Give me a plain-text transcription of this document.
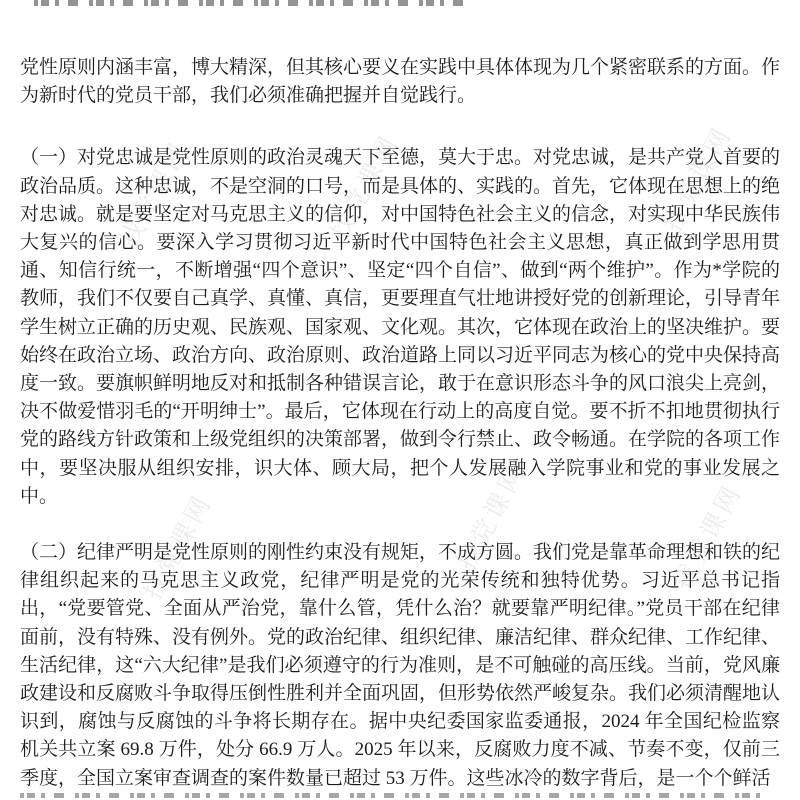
找党课网	找党课网	找党课网
找党课网	找党课网	找党课网

党性原则内涵丰富，博大精深，但其核心要义在实践中具体体现为几个紧密联系的方面。作为新时代的党员干部，我们必须准确把握并自觉践行。

（一）对党忠诚是党性原则的政治灵魂天下至德，莫大于忠。对党忠诚，是共产党人首要的政治品质。这种忠诚，不是空洞的口号，而是具体的、实践的。首先，它体现在思想上的绝对忠诚。就是要坚定对马克思主义的信仰，对中国特色社会主义的信念，对实现中华民族伟大复兴的信心。要深入学习贯彻习近平新时代中国特色社会主义思想，真正做到学思用贯通、知信行统一，不断增强“四个意识”、坚定“四个自信”、做到“两个维护”。作为*学院的教师，我们不仅要自己真学、真懂、真信，更要理直气壮地讲授好党的创新理论，引导青年学生树立正确的历史观、民族观、国家观、文化观。其次，它体现在政治上的坚决维护。要始终在政治立场、政治方向、政治原则、政治道路上同以习近平同志为核心的党中央保持高度一致。要旗帜鲜明地反对和抵制各种错误言论，敢于在意识形态斗争的风口浪尖上亮剑，决不做爱惜羽毛的“开明绅士”。最后，它体现在行动上的高度自觉。要不折不扣地贯彻执行党的路线方针政策和上级党组织的决策部署，做到令行禁止、政令畅通。在学院的各项工作中，要坚决服从组织安排，识大体、顾大局，把个人发展融入学院事业和党的事业发展之中。

（二）纪律严明是党性原则的刚性约束没有规矩，不成方圆。我们党是靠革命理想和铁的纪律组织起来的马克思主义政党，纪律严明是党的光荣传统和独特优势。习近平总书记指出，“党要管党、全面从严治党，靠什么管，凭什么治？就要靠严明纪律。”党员干部在纪律面前，没有特殊、没有例外。党的政治纪律、组织纪律、廉洁纪律、群众纪律、工作纪律、生活纪律，这“六大纪律”是我们必须遵守的行为准则，是不可触碰的高压线。当前，党风廉政建设和反腐败斗争取得压倒性胜利并全面巩固，但形势依然严峻复杂。我们必须清醒地认识到，腐蚀与反腐蚀的斗争将长期存在。据中央纪委国家监委通报，2024 年全国纪检监察机关共立案 69.8 万件，处分 66.9 万人。2025 年以来，反腐败力度不减、节奏不变，仅前三季度，全国立案审查调查的案件数量已超过 53 万件。这些冰冷的数字背后，是一个个鲜活
